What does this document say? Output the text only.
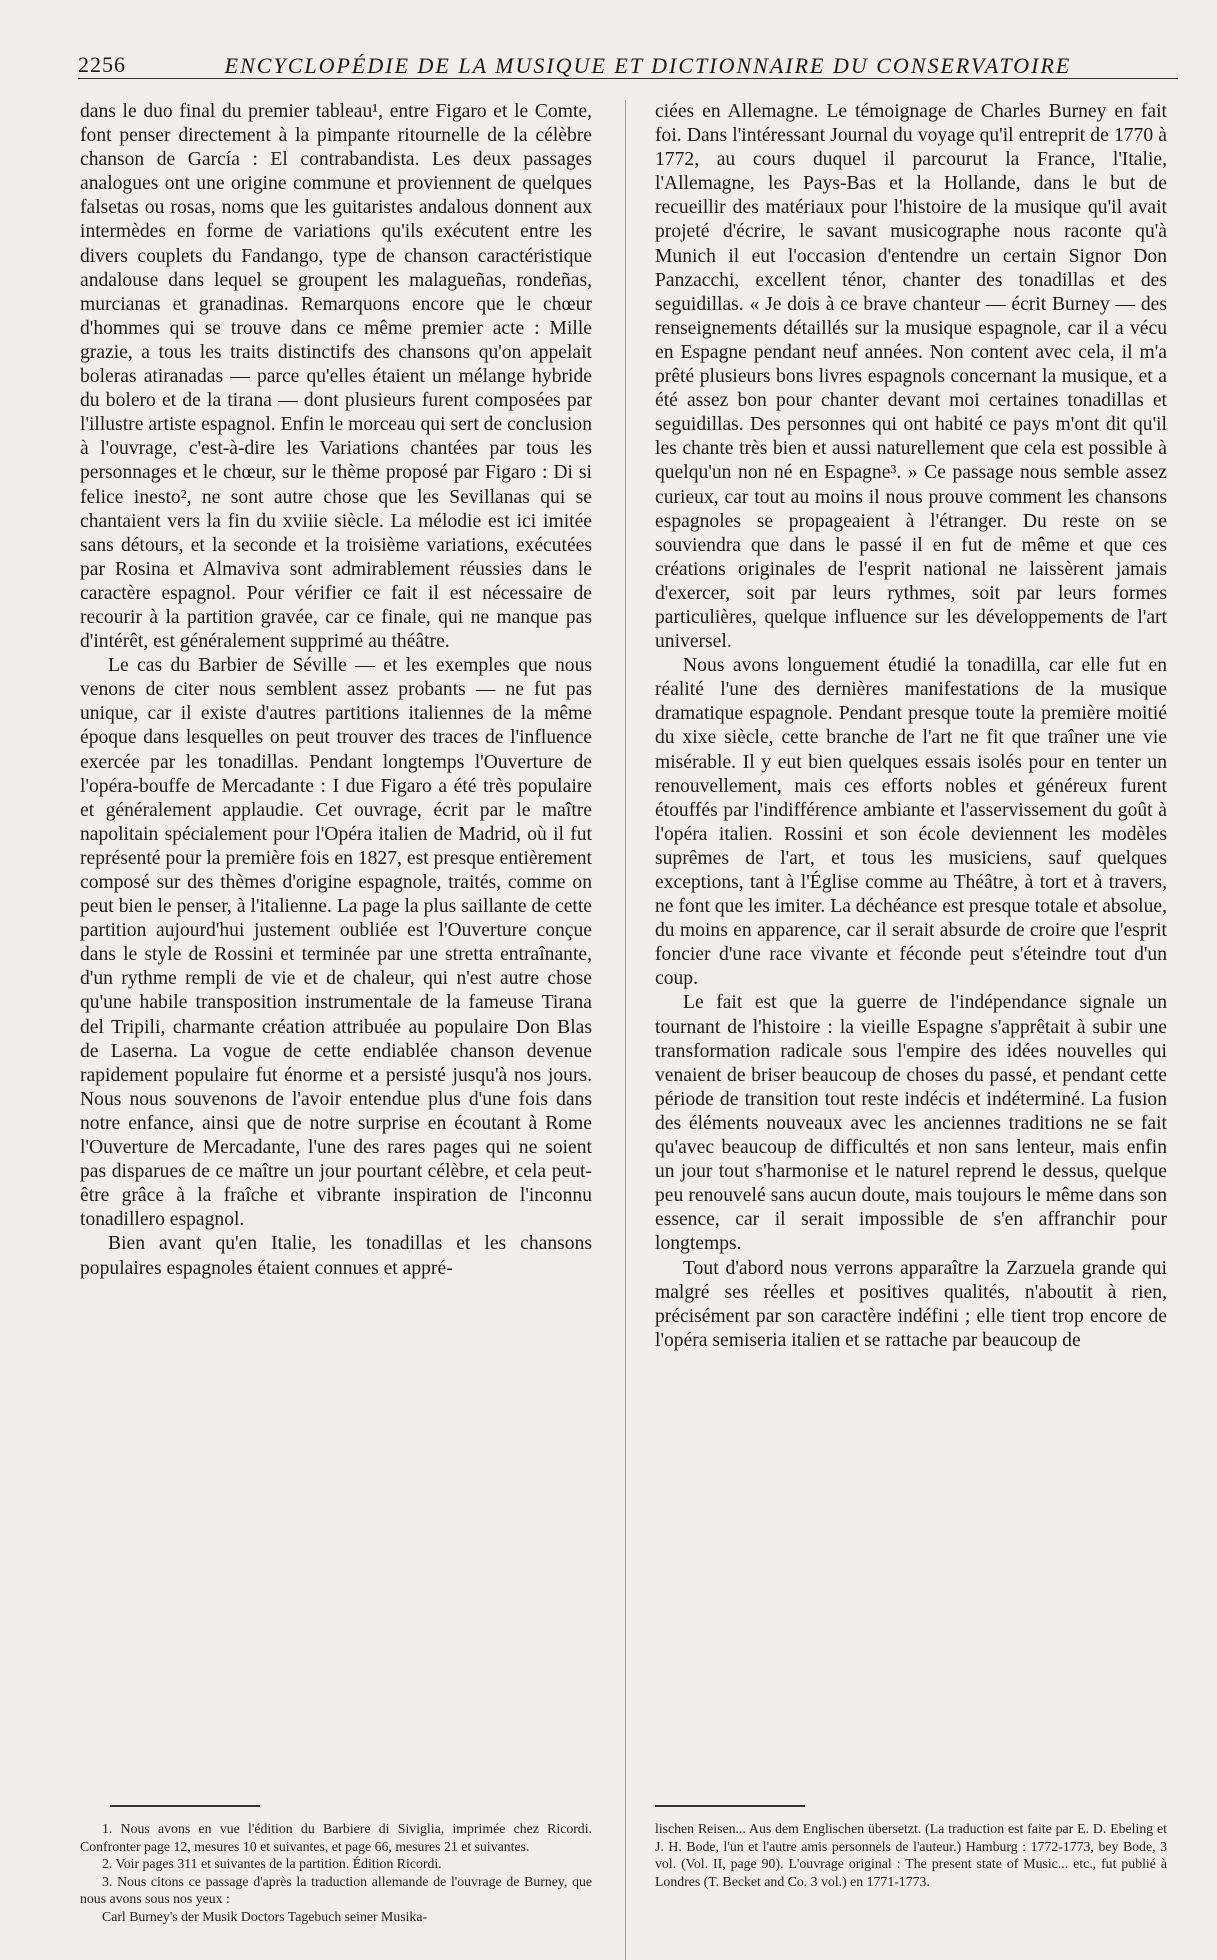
2256	ENCYCLOPÉDIE DE LA MUSIQUE ET DICTIONNAIRE DU CONSERVATOIRE

dans le duo final du premier tableau¹, entre Figaro et le Comte, font penser directement à la pimpante ritournelle de la célèbre chanson de García : El contrabandista. Les deux passages analogues ont une origine commune et proviennent de quelques falsetas ou rosas, noms que les guitaristes andalous donnent aux intermèdes en forme de variations qu'ils exécutent entre les divers couplets du Fandango, type de chanson caractéristique andalouse dans lequel se groupent les malagueñas, rondeñas, murcianas et granadinas. Remarquons encore que le chœur d'hommes qui se trouve dans ce même premier acte : Mille grazie, a tous les traits distinctifs des chansons qu'on appelait boleras atiranadas — parce qu'elles étaient un mélange hybride du bolero et de la tirana — dont plusieurs furent composées par l'illustre artiste espagnol. Enfin le morceau qui sert de conclusion à l'ouvrage, c'est-à-dire les Variations chantées par tous les personnages et le chœur, sur le thème proposé par Figaro : Di si felice inesto², ne sont autre chose que les Sevillanas qui se chantaient vers la fin du xviiie siècle. La mélodie est ici imitée sans détours, et la seconde et la troisième variations, exécutées par Rosina et Almaviva sont admirablement réussies dans le caractère espagnol. Pour vérifier ce fait il est nécessaire de recourir à la partition gravée, car ce finale, qui ne manque pas d'intérêt, est généralement supprimé au théâtre.

Le cas du Barbier de Séville — et les exemples que nous venons de citer nous semblent assez probants — ne fut pas unique, car il existe d'autres partitions italiennes de la même époque dans lesquelles on peut trouver des traces de l'influence exercée par les tonadillas. Pendant longtemps l'Ouverture de l'opéra-bouffe de Mercadante : I due Figaro a été très populaire et généralement applaudie. Cet ouvrage, écrit par le maître napolitain spécialement pour l'Opéra italien de Madrid, où il fut représenté pour la première fois en 1827, est presque entièrement composé sur des thèmes d'origine espagnole, traités, comme on peut bien le penser, à l'italienne. La page la plus saillante de cette partition aujourd'hui justement oubliée est l'Ouverture conçue dans le style de Rossini et terminée par une stretta entraînante, d'un rythme rempli de vie et de chaleur, qui n'est autre chose qu'une habile transposition instrumentale de la fameuse Tirana del Tripili, charmante création attribuée au populaire Don Blas de Laserna. La vogue de cette endiablée chanson devenue rapidement populaire fut énorme et a persisté jusqu'à nos jours. Nous nous souvenons de l'avoir entendue plus d'une fois dans notre enfance, ainsi que de notre surprise en écoutant à Rome l'Ouverture de Mercadante, l'une des rares pages qui ne soient pas disparues de ce maître un jour pourtant célèbre, et cela peut-être grâce à la fraîche et vibrante inspiration de l'inconnu tonadillero espagnol.

Bien avant qu'en Italie, les tonadillas et les chansons populaires espagnoles étaient connues et appré-

ciées en Allemagne. Le témoignage de Charles Burney en fait foi. Dans l'intéressant Journal du voyage qu'il entreprit de 1770 à 1772, au cours duquel il parcourut la France, l'Italie, l'Allemagne, les Pays-Bas et la Hollande, dans le but de recueillir des matériaux pour l'histoire de la musique qu'il avait projeté d'écrire, le savant musicographe nous raconte qu'à Munich il eut l'occasion d'entendre un certain Signor Don Panzacchi, excellent ténor, chanter des tonadillas et des seguidillas. « Je dois à ce brave chanteur — écrit Burney — des renseignements détaillés sur la musique espagnole, car il a vécu en Espagne pendant neuf années. Non content avec cela, il m'a prêté plusieurs bons livres espagnols concernant la musique, et a été assez bon pour chanter devant moi certaines tonadillas et seguidillas. Des personnes qui ont habité ce pays m'ont dit qu'il les chante très bien et aussi naturellement que cela est possible à quelqu'un non né en Espagne³. » Ce passage nous semble assez curieux, car tout au moins il nous prouve comment les chansons espagnoles se propageaient à l'étranger. Du reste on se souviendra que dans le passé il en fut de même et que ces créations originales de l'esprit national ne laissèrent jamais d'exercer, soit par leurs rythmes, soit par leurs formes particulières, quelque influence sur les développements de l'art universel.

Nous avons longuement étudié la tonadilla, car elle fut en réalité l'une des dernières manifestations de la musique dramatique espagnole. Pendant presque toute la première moitié du xixe siècle, cette branche de l'art ne fit que traîner une vie misérable. Il y eut bien quelques essais isolés pour en tenter un renouvellement, mais ces efforts nobles et généreux furent étouffés par l'indifférence ambiante et l'asservissement du goût à l'opéra italien. Rossini et son école deviennent les modèles suprêmes de l'art, et tous les musiciens, sauf quelques exceptions, tant à l'Église comme au Théâtre, à tort et à travers, ne font que les imiter. La déchéance est presque totale et absolue, du moins en apparence, car il serait absurde de croire que l'esprit foncier d'une race vivante et féconde peut s'éteindre tout d'un coup.

Le fait est que la guerre de l'indépendance signale un tournant de l'histoire : la vieille Espagne s'apprêtait à subir une transformation radicale sous l'empire des idées nouvelles qui venaient de briser beaucoup de choses du passé, et pendant cette période de transition tout reste indécis et indéterminé. La fusion des éléments nouveaux avec les anciennes traditions ne se fait qu'avec beaucoup de difficultés et non sans lenteur, mais enfin un jour tout s'harmonise et le naturel reprend le dessus, quelque peu renouvelé sans aucun doute, mais toujours le même dans son essence, car il serait impossible de s'en affranchir pour longtemps.

Tout d'abord nous verrons apparaître la Zarzuela grande qui malgré ses réelles et positives qualités, n'aboutit à rien, précisément par son caractère indéfini ; elle tient trop encore de l'opéra semiseria italien et se rattache par beaucoup de

1. Nous avons en vue l'édition du Barbiere di Siviglia, imprimée chez Ricordi. Confronter page 12, mesures 10 et suivantes, et page 66, mesures 21 et suivantes.

2. Voir pages 311 et suivantes de la partition. Édition Ricordi.

3. Nous citons ce passage d'après la traduction allemande de l'ouvrage de Burney, que nous avons sous nos yeux :

Carl Burney's der Musik Doctors Tagebuch seiner Musika-

lischen Reisen... Aus dem Englischen übersetzt. (La traduction est faite par E. D. Ebeling et J. H. Bode, l'un et l'autre amis personnels de l'auteur.) Hamburg : 1772-1773, bey Bode, 3 vol. (Vol. II, page 90). L'ouvrage original : The present state of Music... etc., fut publié à Londres (T. Becket and Co. 3 vol.) en 1771-1773.
